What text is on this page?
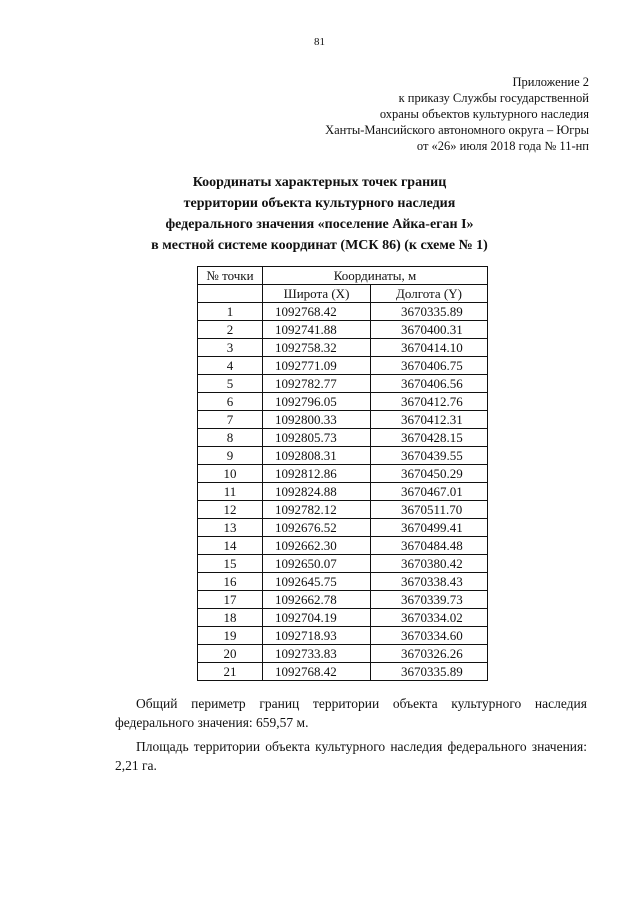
81
Приложение 2
к приказу Службы государственной
охраны объектов культурного наследия
Ханты-Мансийского автономного округа – Югры
от «26» июля 2018 года № 11-нп
Координаты характерных точек границ
территории объекта культурного наследия
федерального значения «поселение Айка-еган I»
в местной системе координат (МСК 86) (к схеме № 1)
№ точки	Координаты, м	
	Широта (X)	Долгота (Y)
1	1092768.42	3670335.89
2	1092741.88	3670400.31
3	1092758.32	3670414.10
4	1092771.09	3670406.75
5	1092782.77	3670406.56
6	1092796.05	3670412.76
7	1092800.33	3670412.31
8	1092805.73	3670428.15
9	1092808.31	3670439.55
10	1092812.86	3670450.29
11	1092824.88	3670467.01
12	1092782.12	3670511.70
13	1092676.52	3670499.41
14	1092662.30	3670484.48
15	1092650.07	3670380.42
16	1092645.75	3670338.43
17	1092662.78	3670339.73
18	1092704.19	3670334.02
19	1092718.93	3670334.60
20	1092733.83	3670326.26
21	1092768.42	3670335.89

Общий периметр границ территории объекта культурного наследия федерального значения: 659,57 м.

Площадь территории объекта культурного наследия федерального значения: 2,21 га.
